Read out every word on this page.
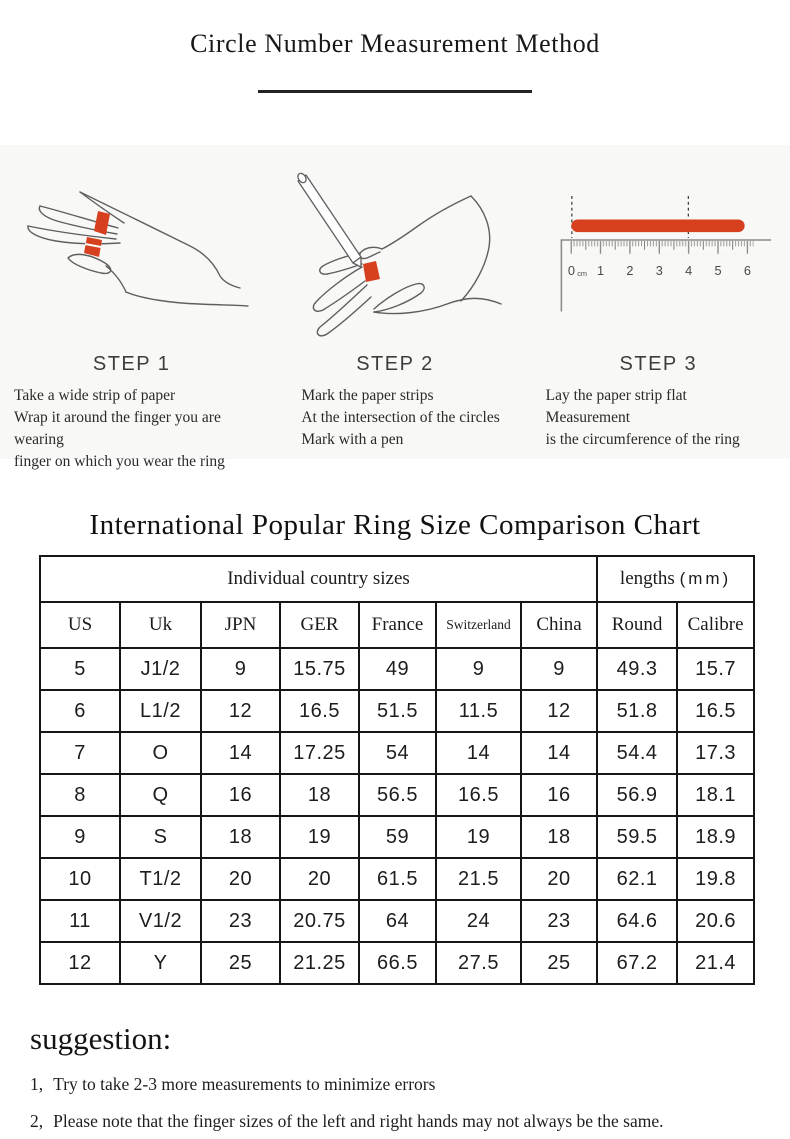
Circle Number Measurement Method
STEP 1
Take a wide strip of paper
Wrap it around the finger you are wearing
finger on which you wear the ring
STEP 2
Mark the paper strips
At the intersection of the circles
Mark with a pen
0 cm 1 2 3 4 5 6
STEP 3
Lay the paper strip flat
Measurement
is the circumference of the ring
International Popular Ring Size Comparison Chart
Individual country sizes							lengths (mm)	
US	Uk	JPN	GER	France	Switzerland	China	Round	Calibre
5	J1/2	9	15.75	49	9	9	49.3	15.7
6	L1/2	12	16.5	51.5	11.5	12	51.8	16.5
7	O	14	17.25	54	14	14	54.4	17.3
8	Q	16	18	56.5	16.5	16	56.9	18.1
9	S	18	19	59	19	18	59.5	18.9
10	T1/2	20	20	61.5	21.5	20	62.1	19.8
11	V1/2	23	20.75	64	24	23	64.6	20.6
12	Y	25	21.25	66.5	27.5	25	67.2	21.4
suggestion:
1, Try to take 2-3 more measurements to minimize errors
2, Please note that the finger sizes of the left and right hands may not always be the same.
